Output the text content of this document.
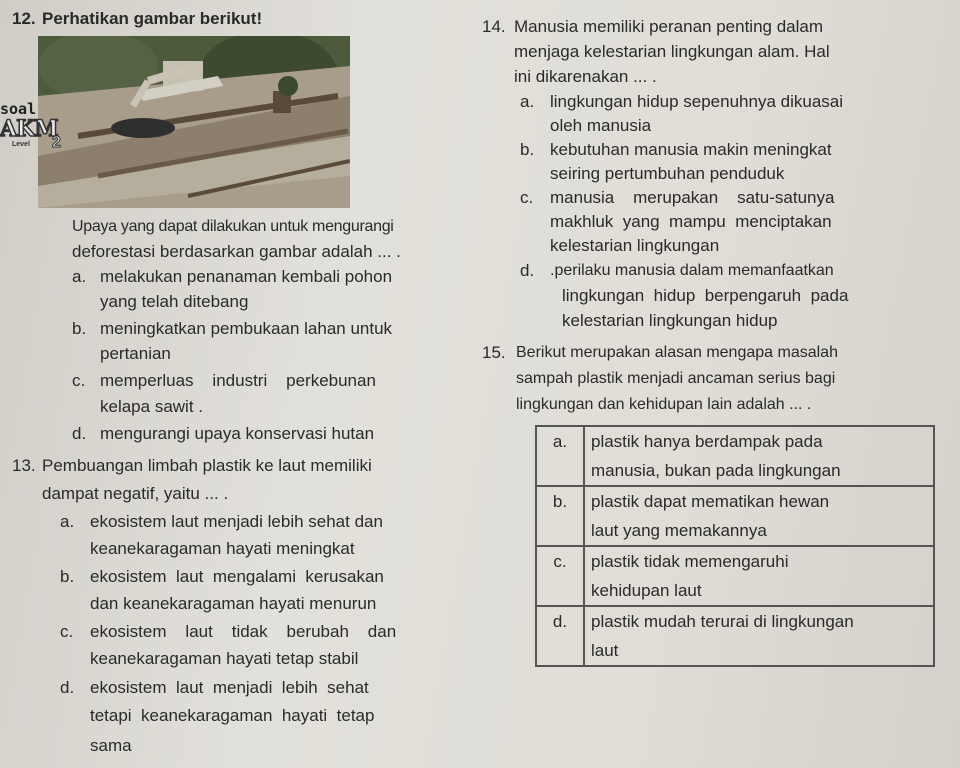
12. Perhatikan gambar berikut!
soal
AKM
Level 2
Upaya yang dapat dilakukan untuk mengurangi
deforestasi berdasarkan gambar adalah ... .
a. melakukan penanaman kembali pohon
yang telah ditebang
b. meningkatkan pembukaan lahan untuk
pertanian
c. memperluas    industri    perkebunan
kelapa sawit .
d. mengurangi upaya konservasi hutan
13. Pembuangan limbah plastik ke laut memiliki
dampat negatif, yaitu ... .
a. ekosistem laut menjadi lebih sehat dan
keanekaragaman hayati meningkat
b. ekosistem  laut  mengalami  kerusakan
dan keanekaragaman hayati menurun
c. ekosistem    laut    tidak    berubah    dan
keanekaragaman hayati tetap stabil
d. ekosistem  laut  menjadi  lebih  sehat
tetapi  keanekaragaman  hayati  tetap
sama
14. Manusia memiliki peranan penting dalam
menjaga kelestarian lingkungan alam. Hal
ini dikarenakan ... .
a. lingkungan hidup sepenuhnya dikuasai
oleh manusia
b. kebutuhan manusia makin meningkat
seiring pertumbuhan penduduk
c. manusia    merupakan    satu-satunya
makhluk  yang  mampu  menciptakan
kelestarian lingkungan
d. .perilaku manusia dalam memanfaatkan
lingkungan  hidup  berpengaruh  pada
kelestarian lingkungan hidup
15. Berikut merupakan alasan mengapa masalah
sampah plastik menjadi ancaman serius bagi
lingkungan dan kehidupan lain adalah ... .
a.	plastik hanya berdampak pada
manusia, bukan pada lingkungan

b.	plastik dapat mematikan hewan
laut yang memakannya

c.	plastik tidak memengaruhi
kehidupan laut

d.	plastik mudah terurai di lingkungan
laut
